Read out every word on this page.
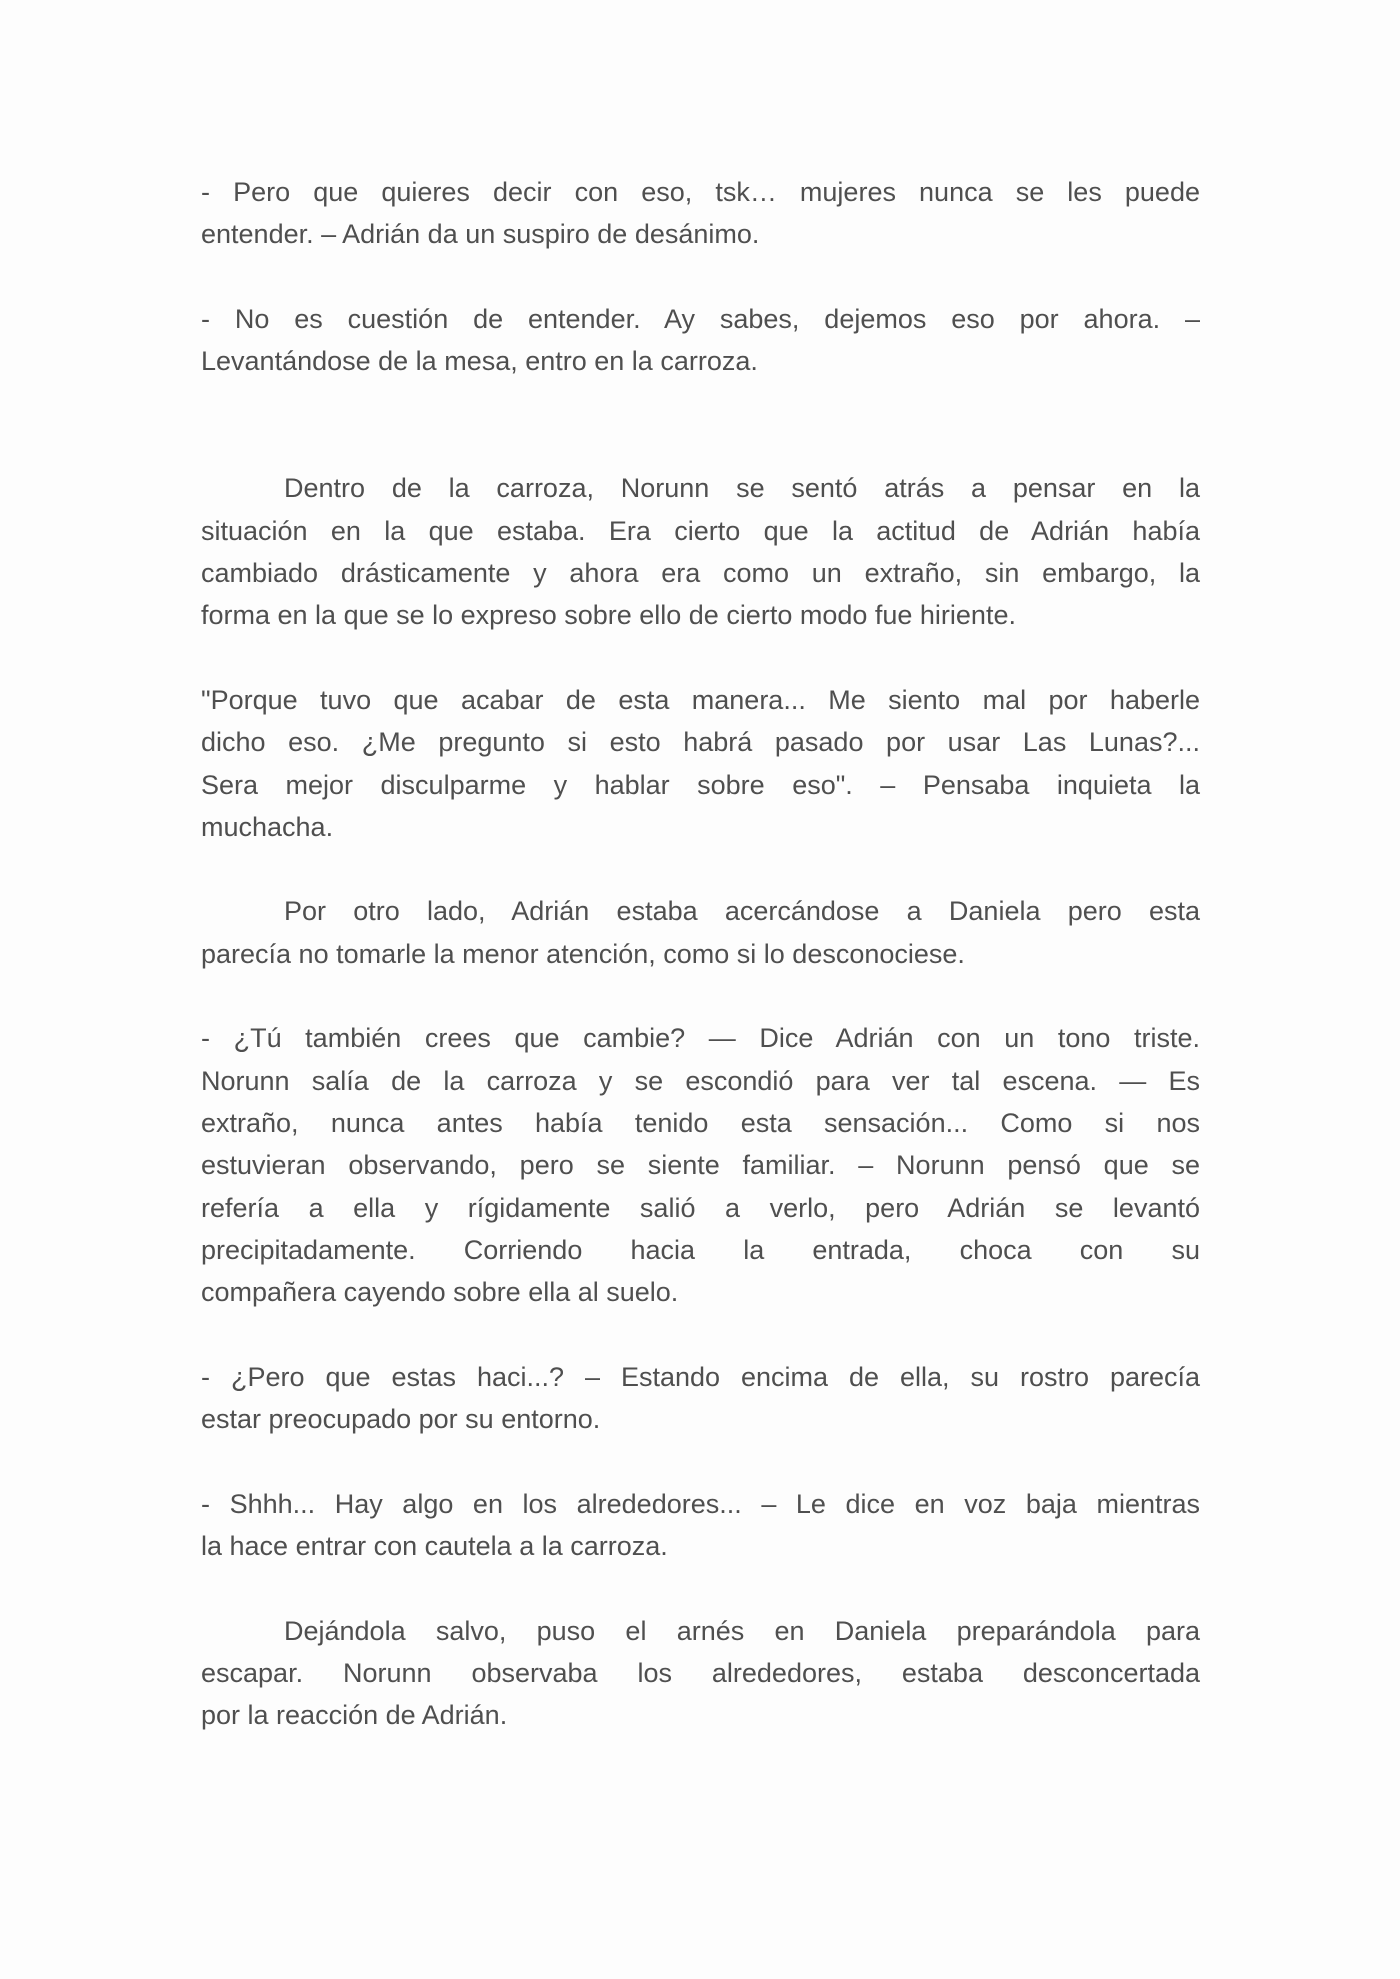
- Pero que quieres decir con eso, tsk… mujeres nunca se les puede
entender. – Adrián da un suspiro de desánimo.
- No es cuestión de entender. Ay sabes, dejemos eso por ahora. –
Levantándose de la mesa, entro en la carroza.
Dentro de la carroza, Norunn se sentó atrás a pensar en la
situación en la que estaba. Era cierto que la actitud de Adrián había
cambiado drásticamente y ahora era como un extraño, sin embargo, la
forma en la que se lo expreso sobre ello de cierto modo fue hiriente.
"Porque tuvo que acabar de esta manera... Me siento mal por haberle
dicho eso. ¿Me pregunto si esto habrá pasado por usar Las Lunas?...
Sera mejor disculparme y hablar sobre eso". – Pensaba inquieta la
muchacha.
Por otro lado, Adrián estaba acercándose a Daniela pero esta
parecía no tomarle la menor atención, como si lo desconociese.
- ¿Tú también crees que cambie? — Dice Adrián con un tono triste.
Norunn salía de la carroza y se escondió para ver tal escena. — Es
extraño, nunca antes había tenido esta sensación... Como si nos
estuvieran observando, pero se siente familiar. – Norunn pensó que se
refería a ella y rígidamente salió a verlo, pero Adrián se levantó
precipitadamente. Corriendo hacia la entrada, choca con su
compañera cayendo sobre ella al suelo.
- ¿Pero que estas haci...? – Estando encima de ella, su rostro parecía
estar preocupado por su entorno.
- Shhh... Hay algo en los alrededores... – Le dice en voz baja mientras
la hace entrar con cautela a la carroza.
Dejándola salvo, puso el arnés en Daniela preparándola para
escapar. Norunn observaba los alrededores, estaba desconcertada
por la reacción de Adrián.
